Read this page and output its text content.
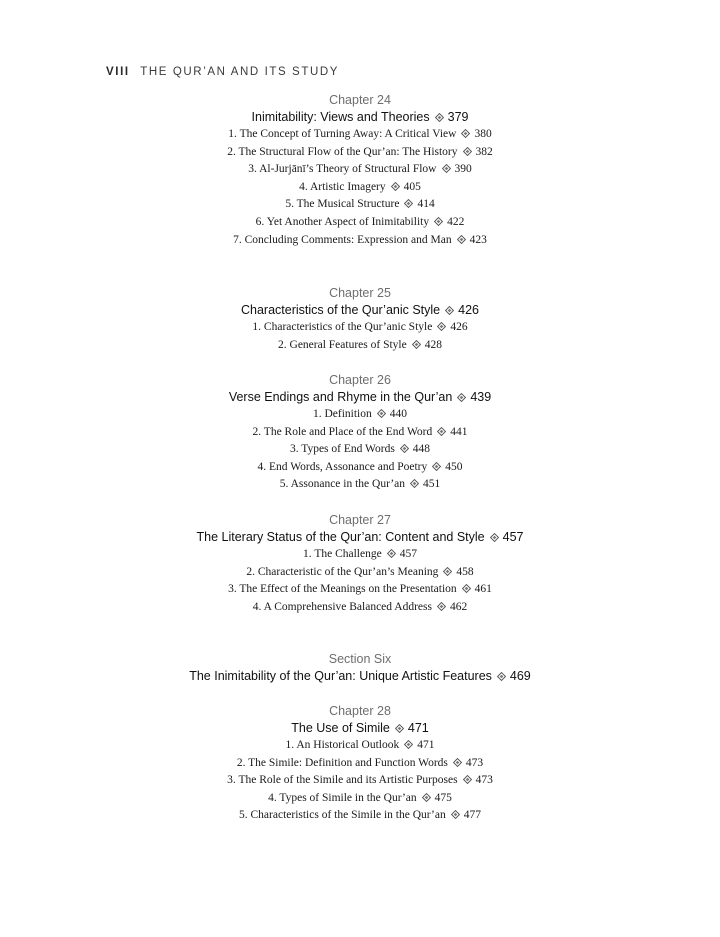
VIII THE QUR’AN AND ITS STUDY
Chapter 24
Inimitability: Views and Theories 379
1. The Concept of Turning Away: A Critical View 380
2. The Structural Flow of the Qur’an: The History 382
3. Al-Jurjānī’s Theory of Structural Flow 390
4. Artistic Imagery 405
5. The Musical Structure 414
6. Yet Another Aspect of Inimitability 422
7. Concluding Comments: Expression and Man 423
Chapter 25
Characteristics of the Qur’anic Style 426
1. Characteristics of the Qur’anic Style 426
2. General Features of Style 428
Chapter 26
Verse Endings and Rhyme in the Qur’an 439
1. Definition 440
2. The Role and Place of the End Word 441
3. Types of End Words 448
4. End Words, Assonance and Poetry 450
5. Assonance in the Qur’an 451
Chapter 27
The Literary Status of the Qur’an: Content and Style 457
1. The Challenge 457
2. Characteristic of the Qur’an’s Meaning 458
3. The Effect of the Meanings on the Presentation 461
4. A Comprehensive Balanced Address 462
Section Six
The Inimitability of the Qur’an: Unique Artistic Features 469
Chapter 28
The Use of Simile 471
1. An Historical Outlook 471
2. The Simile: Definition and Function Words 473
3. The Role of the Simile and its Artistic Purposes 473
4. Types of Simile in the Qur’an 475
5. Characteristics of the Simile in the Qur’an 477
